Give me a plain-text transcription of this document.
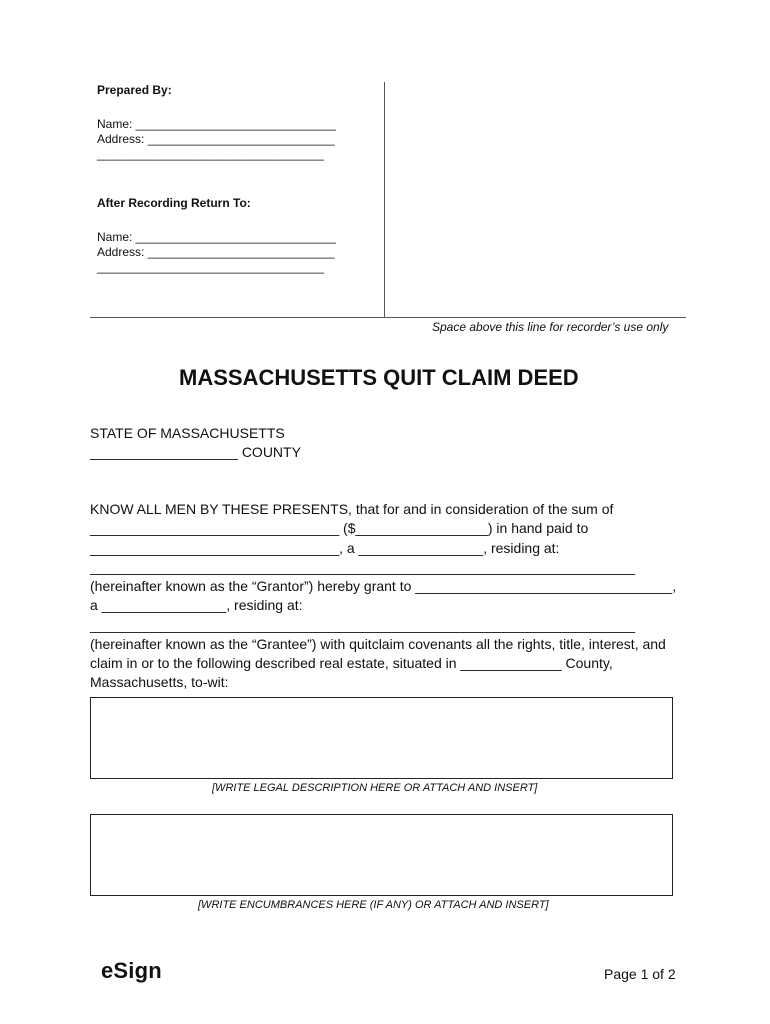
Prepared By:
Name: ______________________________
Address: ____________________________
__________________________________
After Recording Return To:
Name: ______________________________
Address: ____________________________
__________________________________
Space above this line for recorder’s use only
MASSACHUSETTS QUIT CLAIM DEED
STATE OF MASSACHUSETTS
___________________ COUNTY
KNOW ALL MEN BY THESE PRESENTS, that for and in consideration of the sum of
________________________________ ($_________________) in hand paid to
________________________________, a ________________, residing at:
______________________________________________________________________
(hereinafter known as the “Grantor”) hereby grant to _________________________________,
a ________________, residing at:
______________________________________________________________________
(hereinafter known as the “Grantee”) with quitclaim covenants all the rights, title, interest, and
claim in or to the following described real estate, situated in _____________ County,
Massachusetts, to-wit:
[WRITE LEGAL DESCRIPTION HERE OR ATTACH AND INSERT]
[WRITE ENCUMBRANCES HERE (IF ANY) OR ATTACH AND INSERT]
eSign	Page 1 of 2
